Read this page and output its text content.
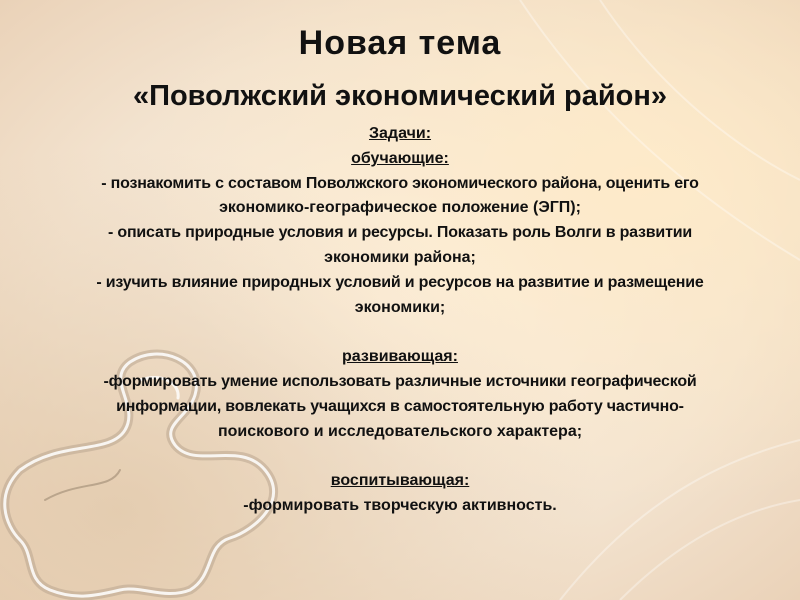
Новая тема
«Поволжский экономический район»
Задачи:
обучающие:
- познакомить с составом Поволжского экономического района, оценить его
экономико-географическое положение (ЭГП);
- описать природные условия и ресурсы. Показать роль Волги в развитии
экономики района;
- изучить влияние природных условий и ресурсов на развитие и размещение
экономики;
развивающая:
-формировать умение использовать различные источники географической
информации, вовлекать учащихся в самостоятельную работу частично-
поискового и исследовательского характера;
воспитывающая:
-формировать творческую активность.
